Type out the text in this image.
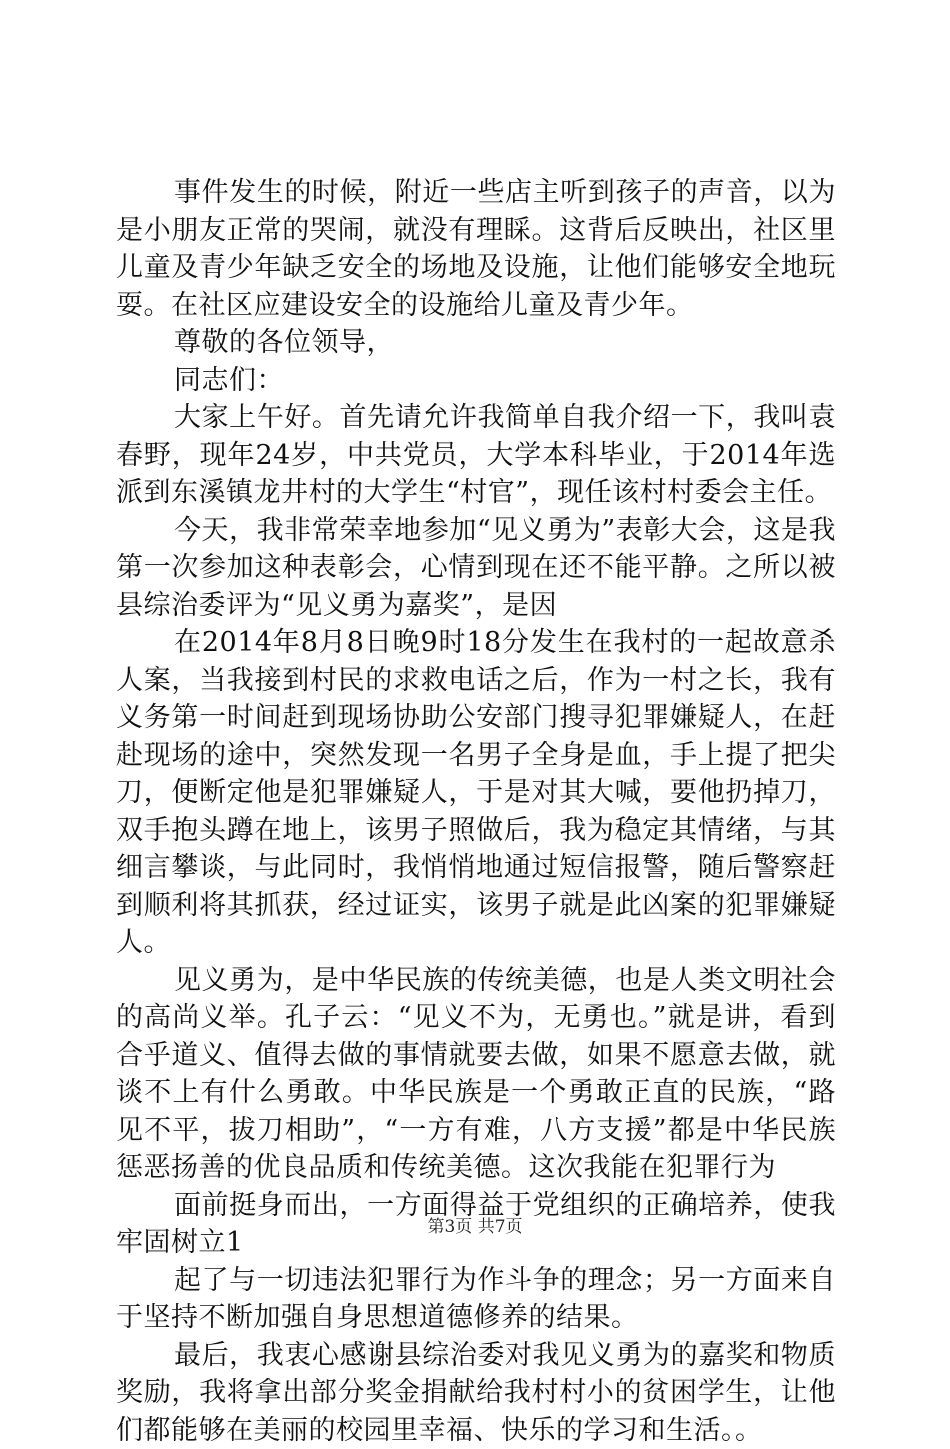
事件发生的时候，附近一些店主听到孩子的声音，以为是小朋友正常的哭闹，就没有理睬。这背后反映出，社区里儿童及青少年缺乏安全的场地及设施，让他们能够安全地玩耍。在社区应建设安全的设施给儿童及青少年。

尊敬的各位领导，

同志们：

大家上午好。首先请允许我简单自我介绍一下，我叫袁春野，现年24岁，中共党员，大学本科毕业，于2014年选派到东溪镇龙井村的大学生“村官”，现任该村村委会主任。

今天，我非常荣幸地参加“见义勇为”表彰大会，这是我第一次参加这种表彰会，心情到现在还不能平静。之所以被县综治委评为“见义勇为嘉奖”，是因

在2014年8月8日晚9时18分发生在我村的一起故意杀人案，当我接到村民的求救电话之后，作为一村之长，我有义务第一时间赶到现场协助公安部门搜寻犯罪嫌疑人，在赶赴现场的途中，突然发现一名男子全身是血，手上提了把尖刀，便断定他是犯罪嫌疑人，于是对其大喊，要他扔掉刀，双手抱头蹲在地上，该男子照做后，我为稳定其情绪，与其细言攀谈，与此同时，我悄悄地通过短信报警，随后警察赶到顺利将其抓获，经过证实，该男子就是此凶案的犯罪嫌疑人。

见义勇为，是中华民族的传统美德，也是人类文明社会的高尚义举。孔子云：“见义不为，无勇也。”就是讲，看到合乎道义、值得去做的事情就要去做，如果不愿意去做，就谈不上有什么勇敢。中华民族是一个勇敢正直的民族，“路见不平，拔刀相助”，“一方有难，八方支援”都是中华民族惩恶扬善的优良品质和传统美德。这次我能在犯罪行为

面前挺身而出，一方面得益于党组织的正确培养，使我牢固树立1

起了与一切违法犯罪行为作斗争的理念；另一方面来自于坚持不断加强自身思想道德修养的结果。

最后，我衷心感谢县综治委对我见义勇为的嘉奖和物质奖励，我将拿出部分奖金捐献给我村村小的贫困学生，让他们都能够在美丽的校园里幸福、快乐的学习和生活。。

第3页 共7页
